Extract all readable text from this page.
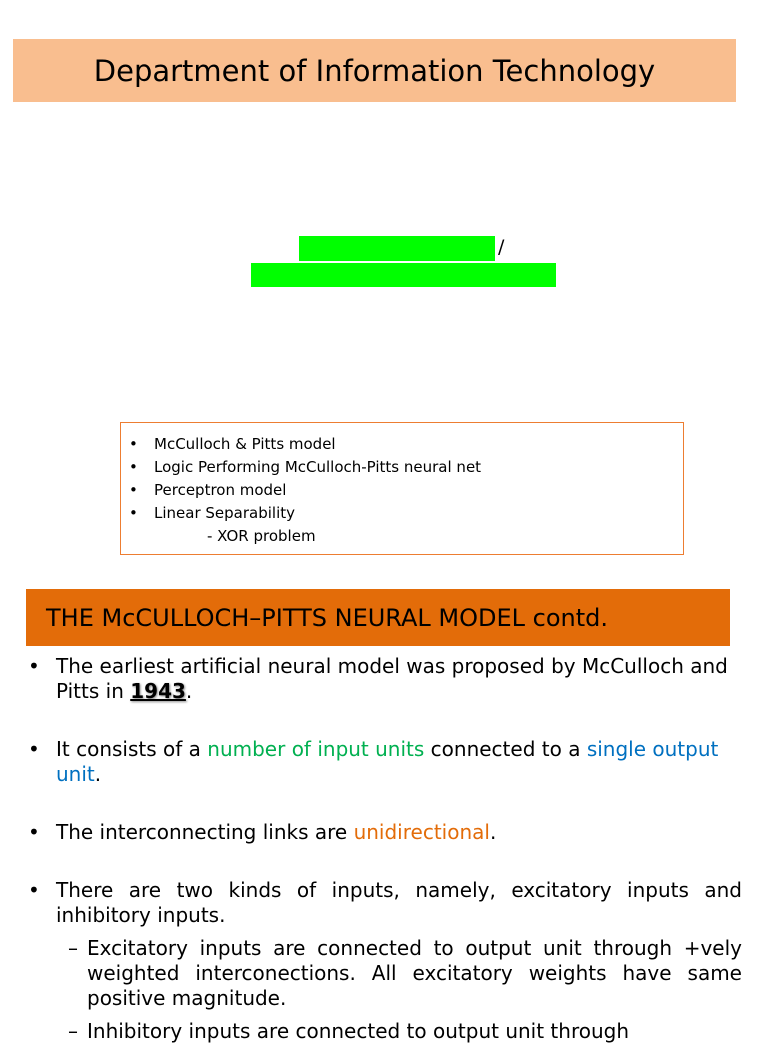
Department of Information Technology
/
• McCulloch & Pitts model
• Logic Performing McCulloch-Pitts neural net
• Perceptron model
• Linear Separability
- XOR problem
THE McCULLOCH–PITTS NEURAL MODEL contd.
• The earliest artificial neural model was proposed by McCulloch and Pitts in 1943.
• It consists of a number of input units connected to a single output unit.
• The interconnecting links are unidirectional.
• There are two kinds of inputs, namely, excitatory inputs and inhibitory inputs.
– Excitatory inputs are connected to output unit through +vely weighted interconections. All excitatory weights have same positive magnitude.
– Inhibitory inputs are connected to output unit through
